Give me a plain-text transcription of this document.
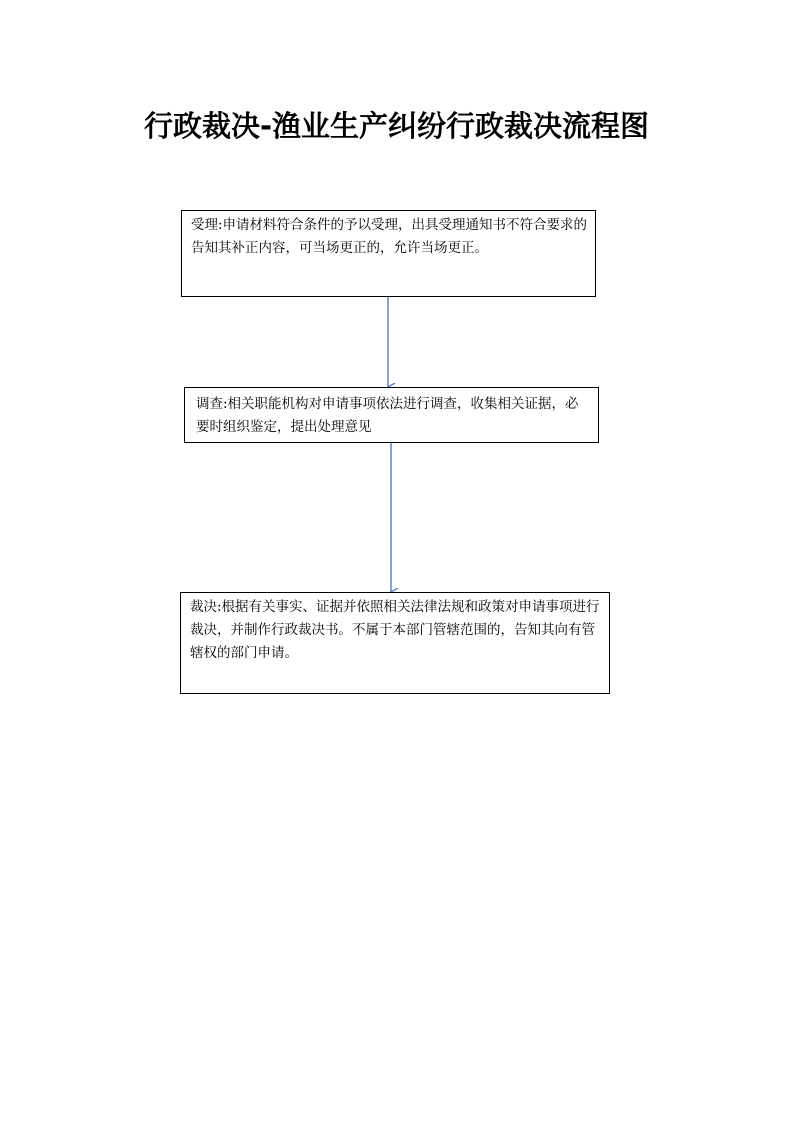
行政裁决-渔业生产纠纷行政裁决流程图

受理:申请材料符合条件的予以受理，出具受理通知书不符合要求的告知其补正内容，可当场更正的，允许当场更正。

调查:相关职能机构对申请事项依法进行调查，收集相关证据，必要时组织鉴定，提出处理意见

裁决:根据有关事实、证据并依照相关法律法规和政策对申请事项进行裁决，并制作行政裁决书。不属于本部门管辖范围的，告知其向有管辖权的部门申请。
